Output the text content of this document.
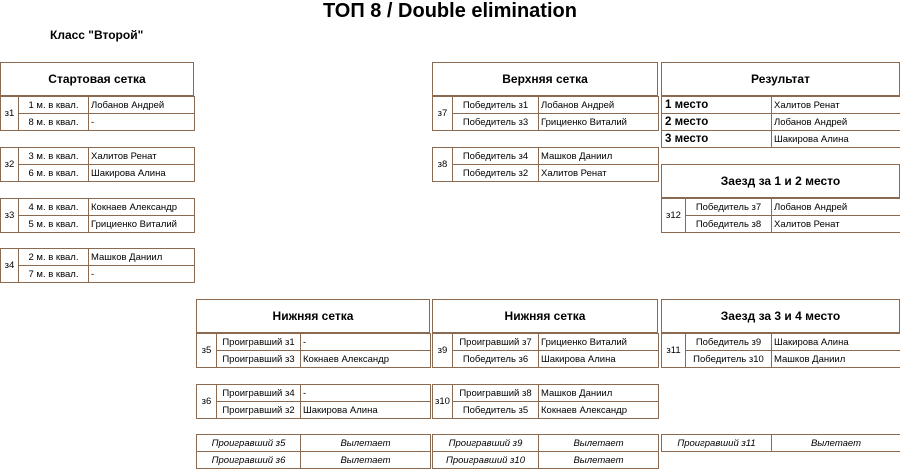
ТОП 8 / Double elimination
Класс "Второй"
Стартовая сетка	Верхняя сетка	Результат
Заезд за 1 и 2 место
Нижняя сетка	Нижняя сетка	Заезд за 3 и 4 место
з1	1 м. в квал.	Лобанов Андрей
	8 м. в квал.	-
з2	3 м. в квал.	Халитов Ренат
	6 м. в квал.	Шакирова Алина
з3	4 м. в квал.	Кокнаев Александр
	5 м. в квал.	Грициенко Виталий
з4	2 м. в квал.	Машков Даниил
	7 м. в квал.	-
з7	Победитель з1	Лобанов Андрей
	Победитель з3	Грициенко Виталий
з8	Победитель з4	Машков Даниил
	Победитель з2	Халитов Ренат
1 место	Халитов Ренат
2 место	Лобанов Андрей
3 место	Шакирова Алина
з12	Победитель з7	Лобанов Андрей
	Победитель з8	Халитов Ренат
з5	Проигравший з1	-
	Проигравший з3	Кокнаев Александр
з6	Проигравший з4	-
	Проигравший з2	Шакирова Алина
з9	Проигравший з7	Грициенко Виталий
	Победитель з6	Шакирова Алина
з10	Проигравший з8	Машков Даниил
	Победитель з5	Кокнаев Александр
з11	Победитель з9	Шакирова Алина
	Победитель з10	Машков Даниил
Проигравший з5	Вылетает
Проигравший з6	Вылетает
Проигравший з9	Вылетает
Проигравший з10	Вылетает
Проигравший з11	Вылетает
